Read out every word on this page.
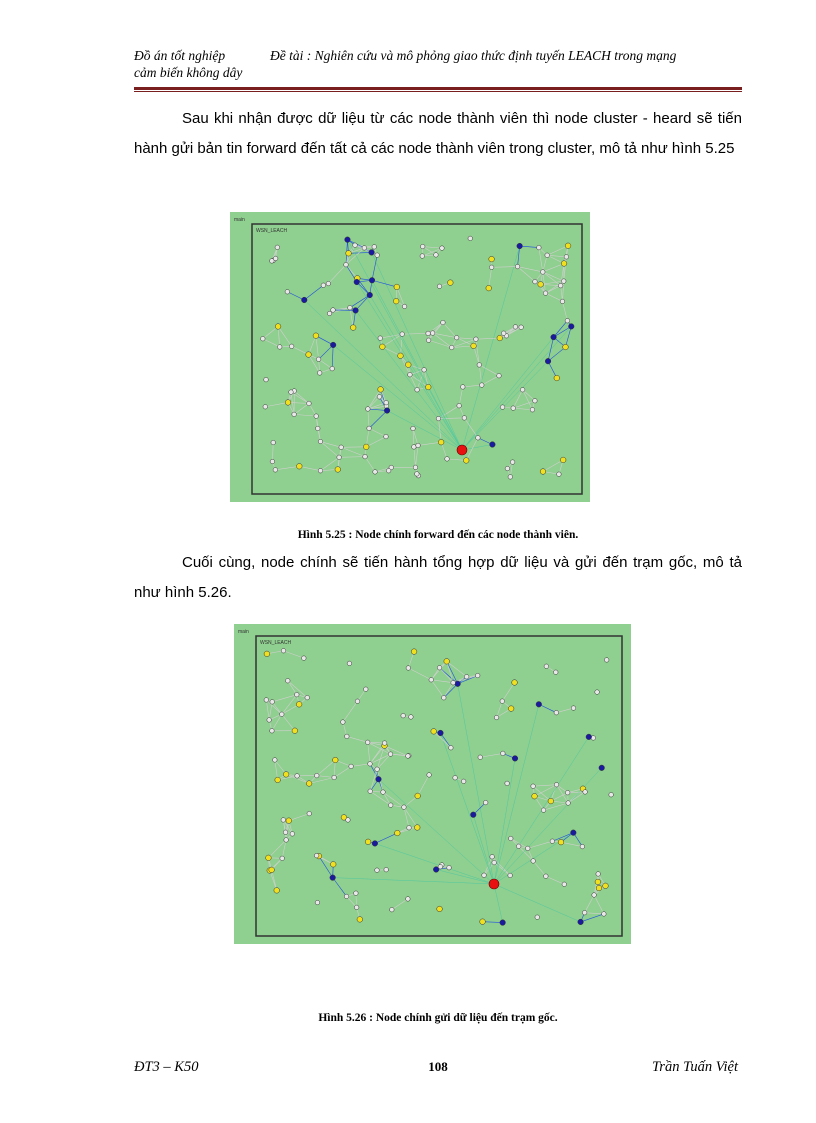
Đồ án tốt nghiệp	Đề tài : Nghiên cứu và mô phỏng giao thức định tuyến LEACH trong mạng
cảm biến không dây
Sau khi nhận được dữ liệu từ các node thành viên thì node cluster - heard sẽ tiến hành gửi bản tin forward đến tất cả các node thành viên trong cluster, mô tả như hình 5.25
main
WSN_LEACH
Hình 5.25 : Node chính forward đến các node thành viên.
Cuối cùng, node chính sẽ tiến hành tổng hợp dữ liệu và gửi đến trạm gốc, mô tả như hình 5.26.
main
WSN_LEACH
Hình 5.26 : Node chính gửi dữ liệu đến trạm gốc.
ĐT3 – K50	108	Trần Tuấn Việt
